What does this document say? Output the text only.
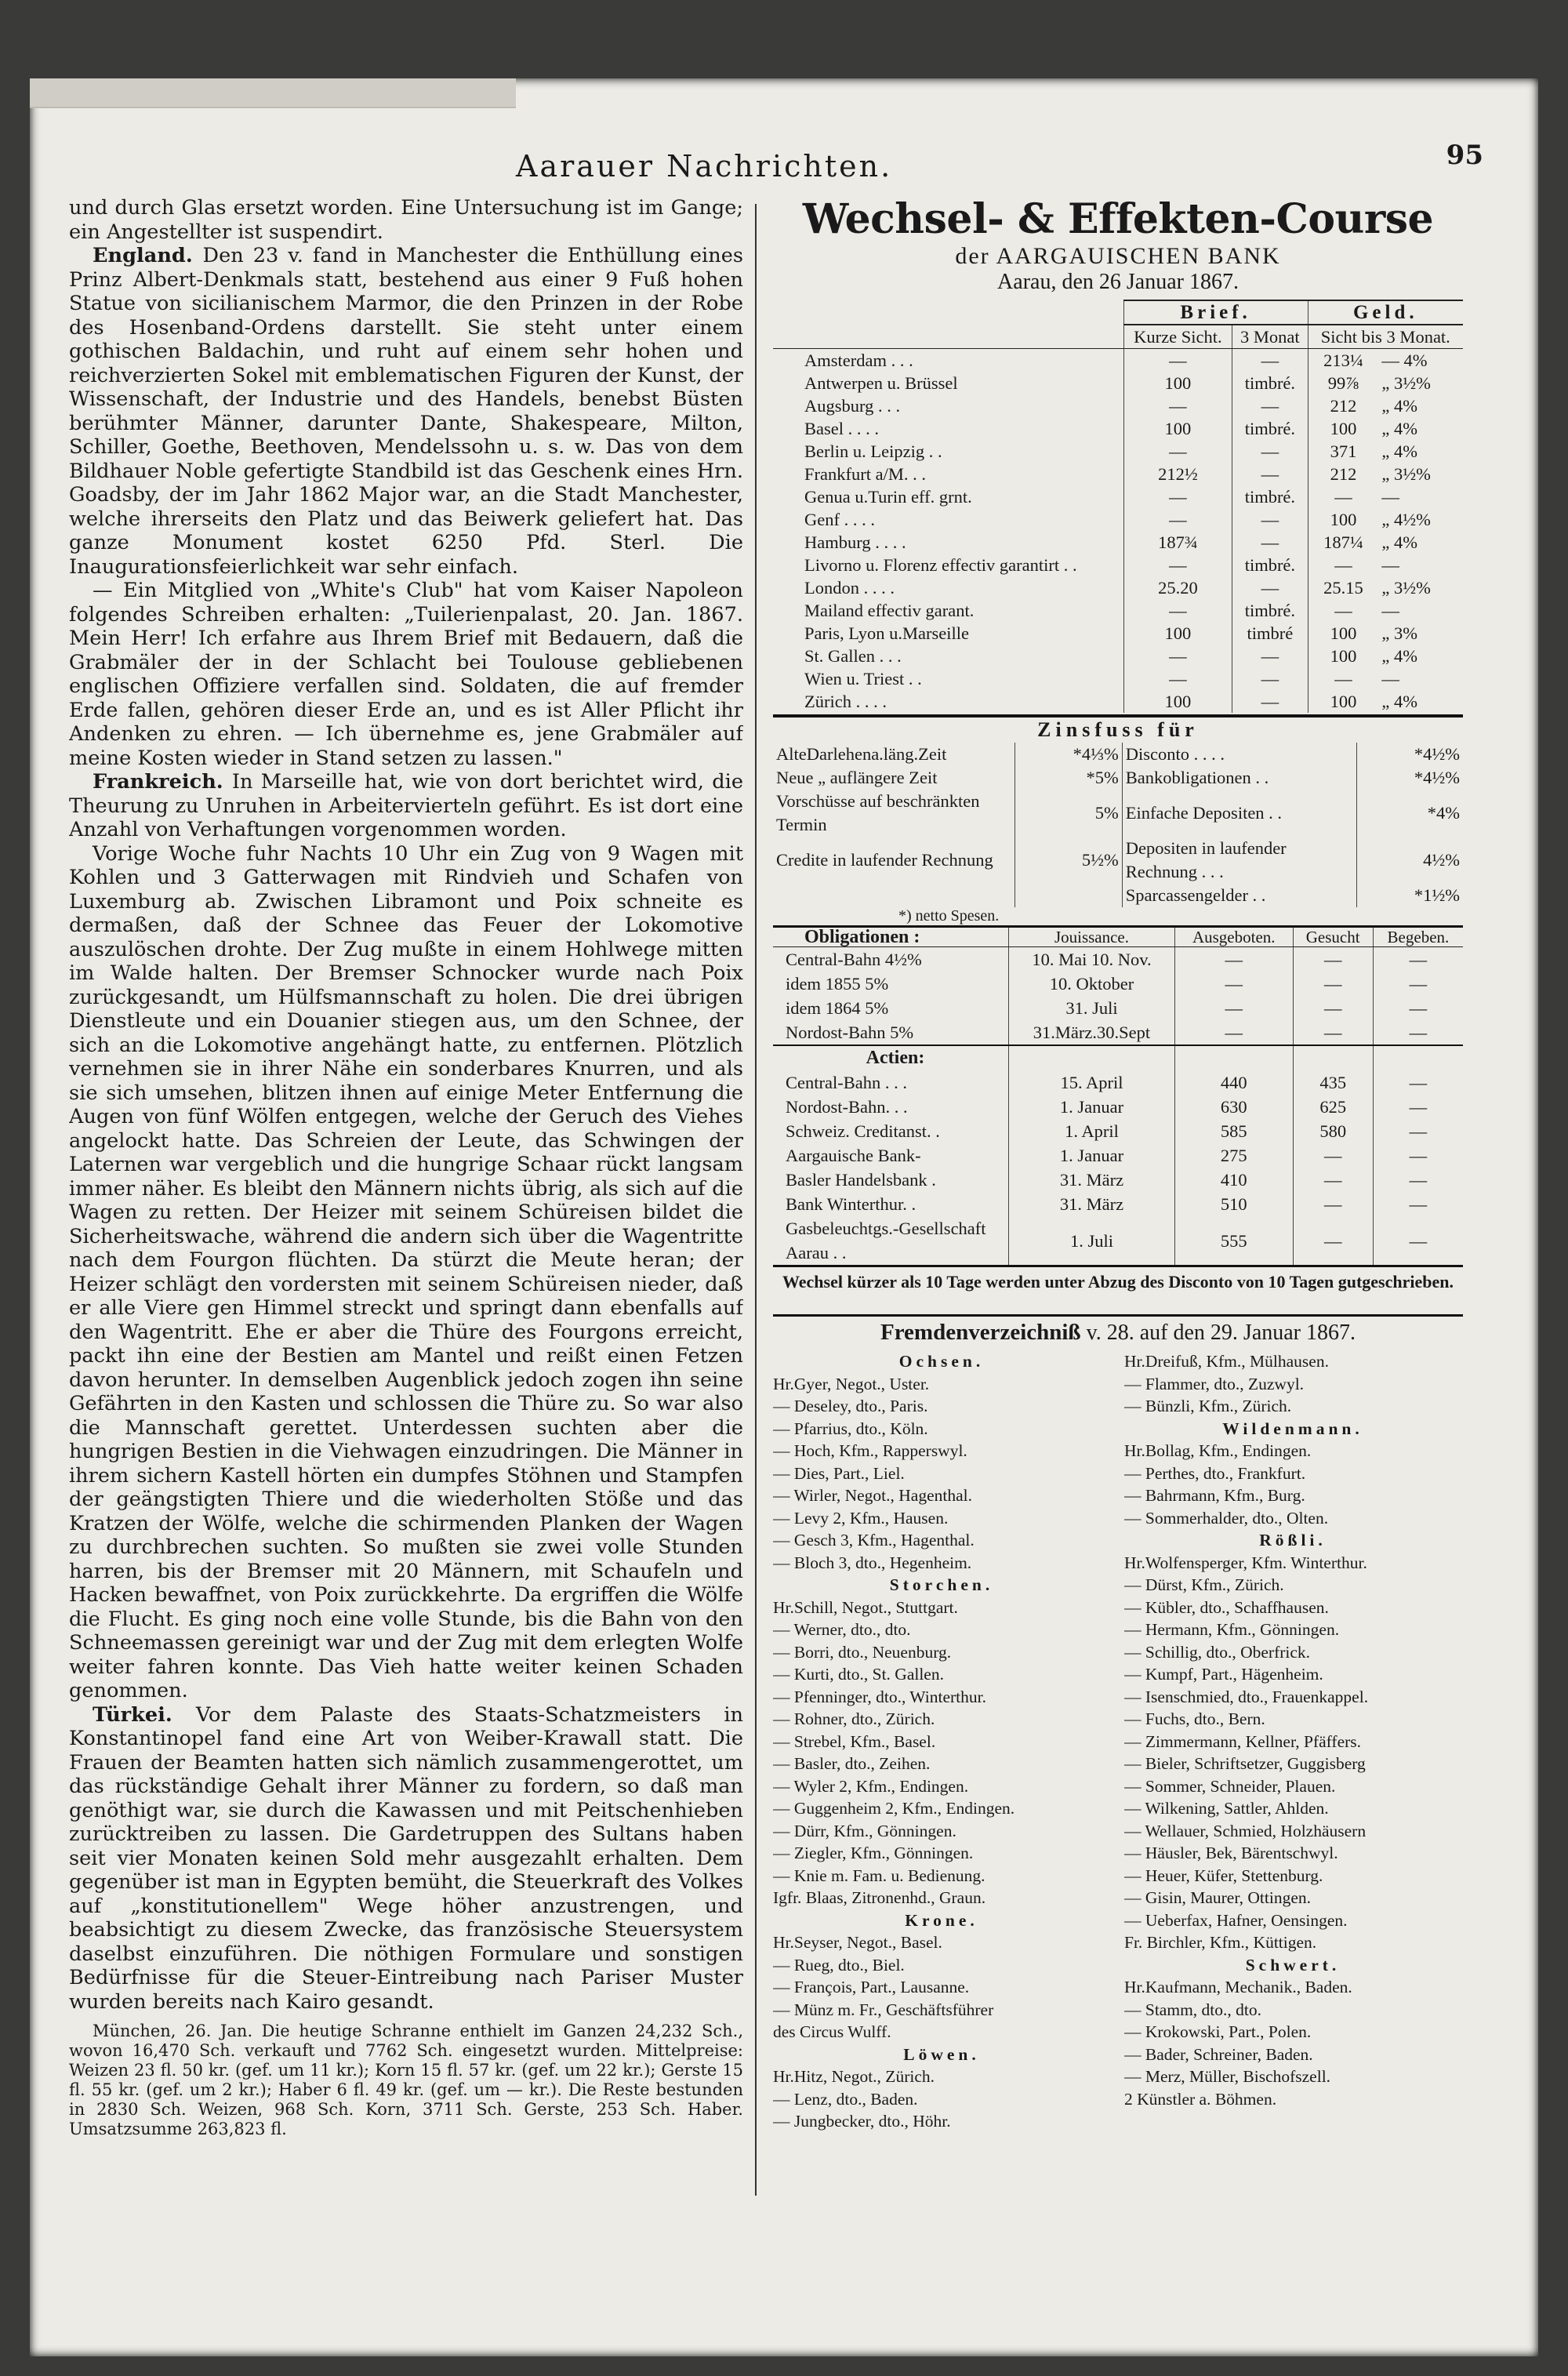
Aarauer Nachrichten.	95

und durch Glas ersetzt worden. Eine Untersuchung ist im Gange; ein Angestellter ist suspendirt.

England. Den 23 v. fand in Manchester die Enthüllung eines Prinz Albert-Denkmals statt, bestehend aus einer 9 Fuß hohen Statue von sicilianischem Marmor, die den Prinzen in der Robe des Hosenband-Ordens darstellt. Sie steht unter einem gothischen Baldachin, und ruht auf einem sehr hohen und reichverzierten Sokel mit emblematischen Figuren der Kunst, der Wissenschaft, der Industrie und des Handels, benebst Büsten berühmter Männer, darunter Dante, Shakespeare, Milton, Schiller, Goethe, Beethoven, Mendelssohn u. s. w. Das von dem Bildhauer Noble gefertigte Standbild ist das Geschenk eines Hrn. Goadsby, der im Jahr 1862 Major war, an die Stadt Manchester, welche ihrerseits den Platz und das Beiwerk geliefert hat. Das ganze Monument kostet 6250 Pfd. Sterl. Die Inaugurationsfeierlichkeit war sehr einfach.

— Ein Mitglied von „White's Club" hat vom Kaiser Napoleon folgendes Schreiben erhalten: „Tuilerienpalast, 20. Jan. 1867. Mein Herr! Ich erfahre aus Ihrem Brief mit Bedauern, daß die Grabmäler der in der Schlacht bei Toulouse gebliebenen englischen Offiziere verfallen sind. Soldaten, die auf fremder Erde fallen, gehören dieser Erde an, und es ist Aller Pflicht ihr Andenken zu ehren. — Ich übernehme es, jene Grabmäler auf meine Kosten wieder in Stand setzen zu lassen."

Frankreich. In Marseille hat, wie von dort berichtet wird, die Theurung zu Unruhen in Arbeitervierteln geführt. Es ist dort eine Anzahl von Verhaftungen vorgenommen worden.

Vorige Woche fuhr Nachts 10 Uhr ein Zug von 9 Wagen mit Kohlen und 3 Gatterwagen mit Rindvieh und Schafen von Luxemburg ab. Zwischen Libramont und Poix schneite es dermaßen, daß der Schnee das Feuer der Lokomotive auszulöschen drohte. Der Zug mußte in einem Hohlwege mitten im Walde halten. Der Bremser Schnocker wurde nach Poix zurückgesandt, um Hülfsmannschaft zu holen. Die drei übrigen Dienstleute und ein Douanier stiegen aus, um den Schnee, der sich an die Lokomotive angehängt hatte, zu entfernen. Plötzlich vernehmen sie in ihrer Nähe ein sonderbares Knurren, und als sie sich umsehen, blitzen ihnen auf einige Meter Entfernung die Augen von fünf Wölfen entgegen, welche der Geruch des Viehes angelockt hatte. Das Schreien der Leute, das Schwingen der Laternen war vergeblich und die hungrige Schaar rückt langsam immer näher. Es bleibt den Männern nichts übrig, als sich auf die Wagen zu retten. Der Heizer mit seinem Schüreisen bildet die Sicherheitswache, während die andern sich über die Wagentritte nach dem Fourgon flüchten. Da stürzt die Meute heran; der Heizer schlägt den vordersten mit seinem Schüreisen nieder, daß er alle Viere gen Himmel streckt und springt dann ebenfalls auf den Wagentritt. Ehe er aber die Thüre des Fourgons erreicht, packt ihn eine der Bestien am Mantel und reißt einen Fetzen davon herunter. In demselben Augenblick jedoch zogen ihn seine Gefährten in den Kasten und schlossen die Thüre zu. So war also die Mannschaft gerettet. Unterdessen suchten aber die hungrigen Bestien in die Viehwagen einzudringen. Die Männer in ihrem sichern Kastell hörten ein dumpfes Stöhnen und Stampfen der geängstigten Thiere und die wiederholten Stöße und das Kratzen der Wölfe, welche die schirmenden Planken der Wagen zu durchbrechen suchten. So mußten sie zwei volle Stunden harren, bis der Bremser mit 20 Männern, mit Schaufeln und Hacken bewaffnet, von Poix zurückkehrte. Da ergriffen die Wölfe die Flucht. Es ging noch eine volle Stunde, bis die Bahn von den Schneemassen gereinigt war und der Zug mit dem erlegten Wolfe weiter fahren konnte. Das Vieh hatte weiter keinen Schaden genommen.

Türkei. Vor dem Palaste des Staats-Schatzmeisters in Konstantinopel fand eine Art von Weiber-Krawall statt. Die Frauen der Beamten hatten sich nämlich zusammengerottet, um das rückständige Gehalt ihrer Männer zu fordern, so daß man genöthigt war, sie durch die Kawassen und mit Peitschenhieben zurücktreiben zu lassen. Die Gardetruppen des Sultans haben seit vier Monaten keinen Sold mehr ausgezahlt erhalten. Dem gegenüber ist man in Egypten bemüht, die Steuerkraft des Volkes auf „konstitutionellem" Wege höher anzustrengen, und beabsichtigt zu diesem Zwecke, das französische Steuersystem daselbst einzuführen. Die nöthigen Formulare und sonstigen Bedürfnisse für die Steuer-Eintreibung nach Pariser Muster wurden bereits nach Kairo gesandt.

München, 26. Jan. Die heutige Schranne enthielt im Ganzen 24,232 Sch., wovon 16,470 Sch. verkauft und 7762 Sch. eingesetzt wurden. Mittelpreise: Weizen 23 fl. 50 kr. (gef. um 11 kr.); Korn 15 fl. 57 kr. (gef. um 22 kr.); Gerste 15 fl. 55 kr. (gef. um 2 kr.); Haber 6 fl. 49 kr. (gef. um — kr.). Die Reste bestunden in 2830 Sch. Weizen, 968 Sch. Korn, 3711 Sch. Gerste, 253 Sch. Haber. Umsatzsumme 263,823 fl.

Wechsel- & Effekten-Course
der AARGAUISCHEN BANK
Aarau, den 26 Januar 1867.
	Brief.		Geld.	
	Kurze Sicht.	3 Monat	Sicht bis 3 Monat.	
Amsterdam . . .	—	—	213¼	— 4%
Antwerpen u. Brüssel	100	timbré.	99⅞	„ 3½%
Augsburg . . .	—	—	212	„ 4%
Basel . . . .	100	timbré.	100	„ 4%
Berlin u. Leipzig . .	—	—	371	„ 4%
Frankfurt a/M. . .	212½	—	212	„ 3½%
Genua u.Turin eff. grnt.	—	timbré.	—	—
Genf . . . .	—	—	100	„ 4½%
Hamburg . . . .	187¾	—	187¼	„ 4%
Livorno u. Florenz effectiv garantirt . .	—	timbré.	—	—
London . . . .	25.20	—	25.15	„ 3½%
Mailand effectiv garant.	—	timbré.	—	—
Paris, Lyon u.Marseille	100	timbré	100	„ 3%
St. Gallen . . .	—	—	100	„ 4%
Wien u. Triest . .	—	—	—	—
Zürich . . . .	100	—	100	„ 4%
Zinsfuss für
AlteDarlehena.läng.Zeit	*4⅓%	Disconto . . . .	*4½%
Neue „ auflängere Zeit	*5%	Bankobligationen . .	*4½%
Vorschüsse auf beschränkten Termin	5%	Einfache Depositen . .	*4%
Credite in laufender Rechnung	5½%	Depositen in laufender Rechnung . . .	4½%
		Sparcassengelder . .	*1½%
*) netto Spesen.
Obligationen :	Jouissance.	Ausgeboten.	Gesucht	Begeben.
Central-Bahn 4½%	10. Mai 10. Nov.	—	—	—
idem 1855 5%	10. Oktober	—	—	—
idem 1864 5%	31. Juli	—	—	—
Nordost-Bahn 5%	31.März.30.Sept	—	—	—
Actien:				
Central-Bahn . . .	15. April	440	435	—
Nordost-Bahn. . .	1. Januar	630	625	—
Schweiz. Creditanst. .	1. April	585	580	—
Aargauische Bank-	1. Januar	275	—	—
Basler Handelsbank .	31. März	410	—	—
Bank Winterthur. .	31. März	510	—	—
Gasbeleuchtgs.-Gesellschaft Aarau . .	1. Juli	555	—	—
Wechsel kürzer als 10 Tage werden unter Abzug des Disconto von 10 Tagen gutgeschrieben.
Fremdenverzeichniß v. 28. auf den 29. Januar 1867.
Ochsen.
Hr.Gyer, Negot., Uster.
— Deseley, dto., Paris.
— Pfarrius, dto., Köln.
— Hoch, Kfm., Rapperswyl.
— Dies, Part., Liel.
— Wirler, Negot., Hagenthal.
— Levy 2, Kfm., Hausen.
— Gesch 3, Kfm., Hagenthal.
— Bloch 3, dto., Hegenheim.
Storchen.
Hr.Schill, Negot., Stuttgart.
— Werner, dto., dto.
— Borri, dto., Neuenburg.
— Kurti, dto., St. Gallen.
— Pfenninger, dto., Winterthur.
— Rohner, dto., Zürich.
— Strebel, Kfm., Basel.
— Basler, dto., Zeihen.
— Wyler 2, Kfm., Endingen.
— Guggenheim 2, Kfm., Endingen.
— Dürr, Kfm., Gönningen.
— Ziegler, Kfm., Gönningen.
— Knie m. Fam. u. Bedienung.
Igfr. Blaas, Zitronenhd., Graun.
Krone.
Hr.Seyser, Negot., Basel.
— Rueg, dto., Biel.
— François, Part., Lausanne.
— Münz m. Fr., Geschäftsführer
des Circus Wulff.
Löwen.
Hr.Hitz, Negot., Zürich.
— Lenz, dto., Baden.
— Jungbecker, dto., Höhr.
Hr.Dreifuß, Kfm., Mülhausen.
— Flammer, dto., Zuzwyl.
— Bünzli, Kfm., Zürich.
Wildenmann.
Hr.Bollag, Kfm., Endingen.
— Perthes, dto., Frankfurt.
— Bahrmann, Kfm., Burg.
— Sommerhalder, dto., Olten.
Rößli.
Hr.Wolfensperger, Kfm. Winterthur.
— Dürst, Kfm., Zürich.
— Kübler, dto., Schaffhausen.
— Hermann, Kfm., Gönningen.
— Schillig, dto., Oberfrick.
— Kumpf, Part., Hägenheim.
— Isenschmied, dto., Frauenkappel.
— Fuchs, dto., Bern.
— Zimmermann, Kellner, Pfäffers.
— Bieler, Schriftsetzer, Guggisberg
— Sommer, Schneider, Plauen.
— Wilkening, Sattler, Ahlden.
— Wellauer, Schmied, Holzhäusern
— Häusler, Bek, Bärentschwyl.
— Heuer, Küfer, Stettenburg.
— Gisin, Maurer, Ottingen.
— Ueberfax, Hafner, Oensingen.
Fr. Birchler, Kfm., Küttigen.
Schwert.
Hr.Kaufmann, Mechanik., Baden.
— Stamm, dto., dto.
— Krokowski, Part., Polen.
— Bader, Schreiner, Baden.
— Merz, Müller, Bischofszell.
2 Künstler a. Böhmen.
